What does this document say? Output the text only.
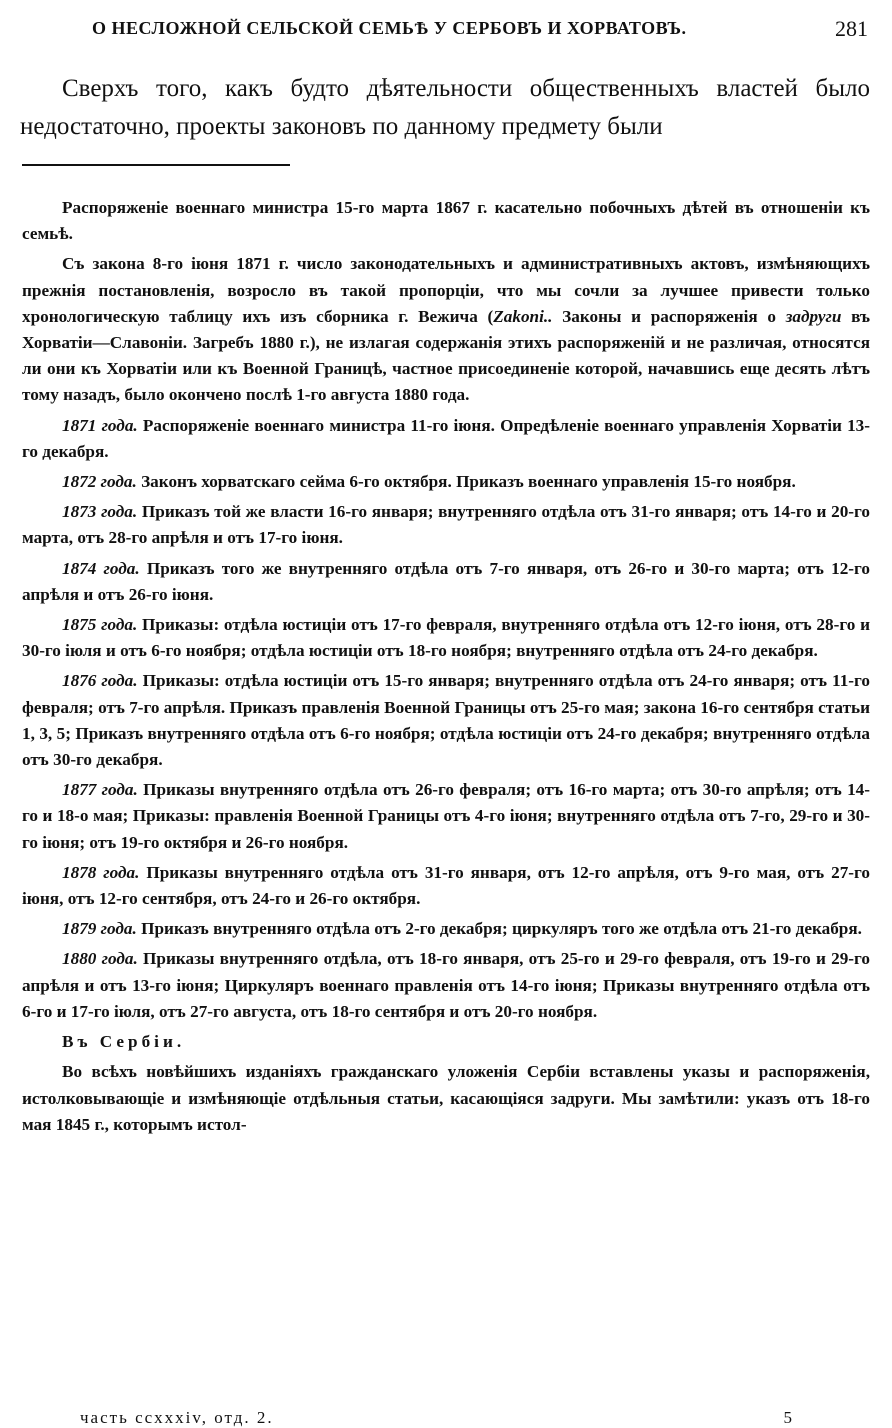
О НЕСЛОЖНОЙ СЕЛЬСКОЙ СЕМЬѢ У СЕРБОВЪ И ХОРВАТОВЪ.	281
Сверхъ того, какъ будто дѣятельности общественныхъ властей было недостаточно, проекты законовъ по данному предмету были

Распоряженіе военнаго министра 15-го марта 1867 г. касательно побочныхъ дѣтей въ отношеніи къ семьѣ.

Съ закона 8-го іюня 1871 г. число законодательныхъ и административныхъ актовъ, измѣняющихъ прежнія постановленія, возросло въ такой пропорціи, что мы сочли за лучшее привести только хронологическую таблицу ихъ изъ сборника г. Вежича (Zakoni.. Законы и распоряженія о задруги въ Хорватіи—Славоніи. Загребъ 1880 г.), не излагая содержанія этихъ распоряженій и не различая, относятся ли они къ Хорватіи или къ Военной Границѣ, частное присоединеніе которой, начавшись еще десять лѣтъ тому назадъ, было окончено послѣ 1-го августа 1880 года.

1871 года. Распоряженіе военнаго министра 11-го іюня. Опредѣленіе военнаго управленія Хорватіи 13-го декабря.

1872 года. Законъ хорватскаго сейма 6-го октября. Приказъ военнаго управленія 15-го ноября.

1873 года. Приказъ той же власти 16-го января; внутренняго отдѣла отъ 31-го января; отъ 14-го и 20-го марта, отъ 28-го апрѣля и отъ 17-го іюня.

1874 года. Приказъ того же внутренняго отдѣла отъ 7-го января, отъ 26-го и 30-го марта; отъ 12-го апрѣля и отъ 26-го іюня.

1875 года. Приказы: отдѣла юстиціи отъ 17-го февраля, внутренняго отдѣла отъ 12-го іюня, отъ 28-го и 30-го іюля и отъ 6-го ноября; отдѣла юстиціи отъ 18-го ноября; внутренняго отдѣла отъ 24-го декабря.

1876 года. Приказы: отдѣла юстиціи отъ 15-го января; внутренняго отдѣла отъ 24-го января; отъ 11-го февраля; отъ 7-го апрѣля. Приказъ правленія Военной Границы отъ 25-го мая; закона 16-го сентября статьи 1, 3, 5; Приказъ внутренняго отдѣла отъ 6-го ноября; отдѣла юстиціи отъ 24-го декабря; внутренняго отдѣла отъ 30-го декабря.

1877 года. Приказы внутренняго отдѣла отъ 26-го февраля; отъ 16-го марта; отъ 30-го апрѣля; отъ 14-го и 18-о мая; Приказы: правленія Военной Границы отъ 4-го іюня; внутренняго отдѣла отъ 7-го, 29-го и 30-го іюня; отъ 19-го октября и 26-го ноября.

1878 года. Приказы внутренняго отдѣла отъ 31-го января, отъ 12-го апрѣля, отъ 9-го мая, отъ 27-го іюня, отъ 12-го сентября, отъ 24-го и 26-го октября.

1879 года. Приказъ внутренняго отдѣла отъ 2-го декабря; циркуляръ того же отдѣла отъ 21-го декабря.

1880 года. Приказы внутренняго отдѣла, отъ 18-го января, отъ 25-го и 29-го февраля, отъ 19-го и 29-го апрѣля и отъ 13-го іюня; Циркуляръ военнаго правленія отъ 14-го іюня; Приказы внутренняго отдѣла отъ 6-го и 17-го іюля, отъ 27-го августа, отъ 18-го сентября и отъ 20-го ноября.

Въ Сербіи.

Во всѣхъ новѣйшихъ изданіяхъ гражданскаго уложенія Сербіи вставлены указы и распоряженія, истолковывающіе и измѣняющіе отдѣльныя статьи, касающіяся задруги. Мы замѣтили: указъ отъ 18-го мая 1845 г., которымъ истол-

часть ccxxxiv, отд. 2.	5
